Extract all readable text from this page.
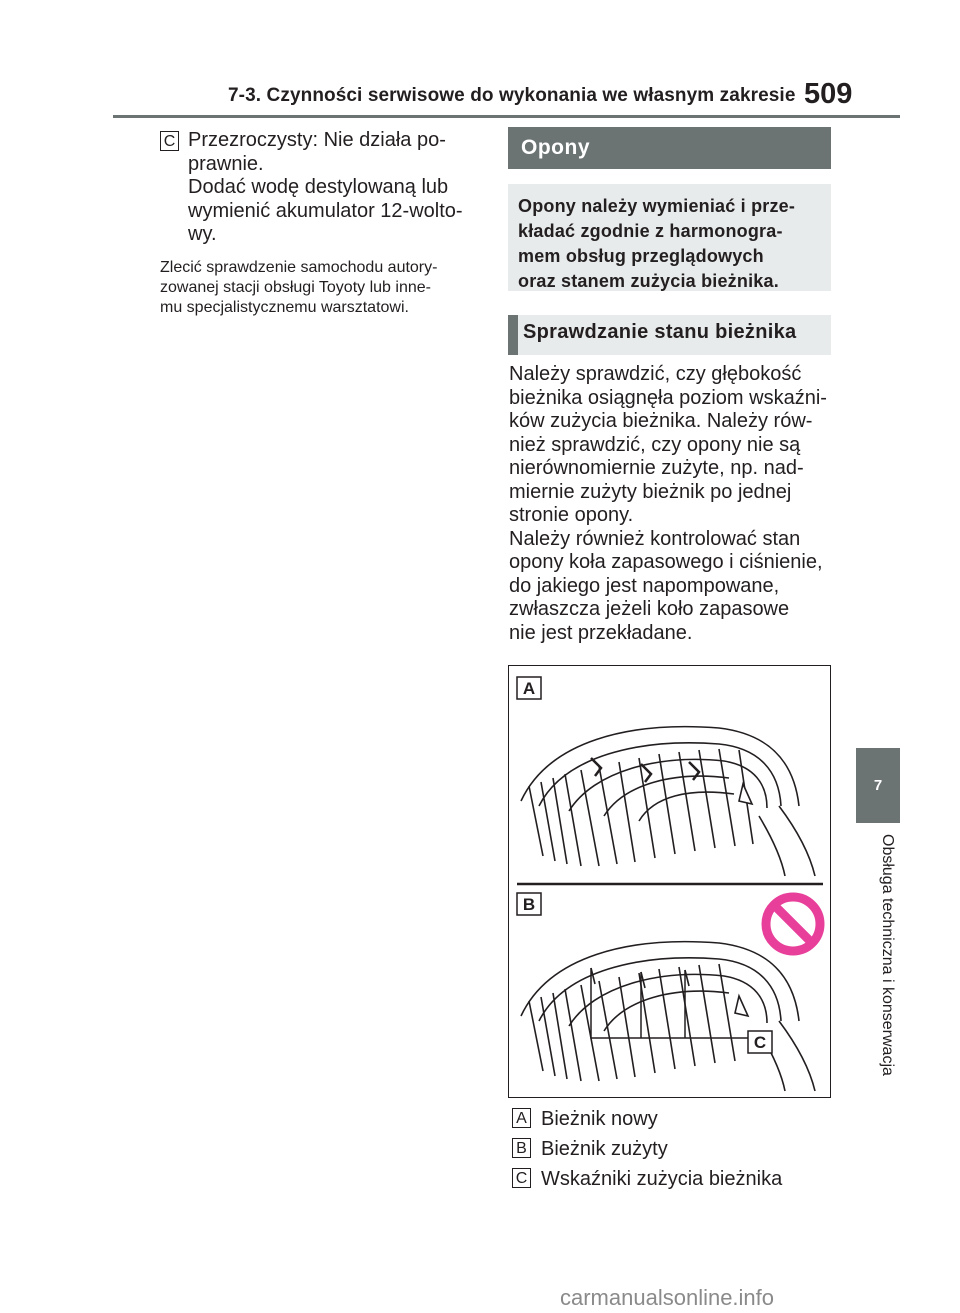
7-3. Czynności serwisowe do wykonania we własnym zakresie 509
7
Obsługa techniczna i konserwacja
C Przezroczysty: Nie działa po-
prawnie.
Dodać wodę destylowaną lub
wymienić akumulator 12-wolto-
wy.
Zlecić sprawdzenie samochodu autory-
zowanej stacji obsługi Toyoty lub inne-
mu specjalistycznemu warsztatowi.
Opony
Opony należy wymieniać i prze-
kładać zgodnie z harmonogra-
mem obsług przeglądowych
oraz stanem zużycia bieżnika.
Sprawdzanie stanu bieżnika
Należy sprawdzić, czy głębokość
bieżnika osiągnęła poziom wskaźni-
ków zużycia bieżnika. Należy rów-
nież sprawdzić, czy opony nie są
nierównomiernie zużyte, np. nad-
miernie zużyty bieżnik po jednej
stronie opony.
Należy również kontrolować stan
opony koła zapasowego i ciśnienie,
do jakiego jest napompowane,
zwłaszcza jeżeli koło zapasowe
nie jest przekładane.
A
B
C
A Bieżnik nowy
B Bieżnik zużyty
C Wskaźniki zużycia bieżnika
carmanualsonline.info
